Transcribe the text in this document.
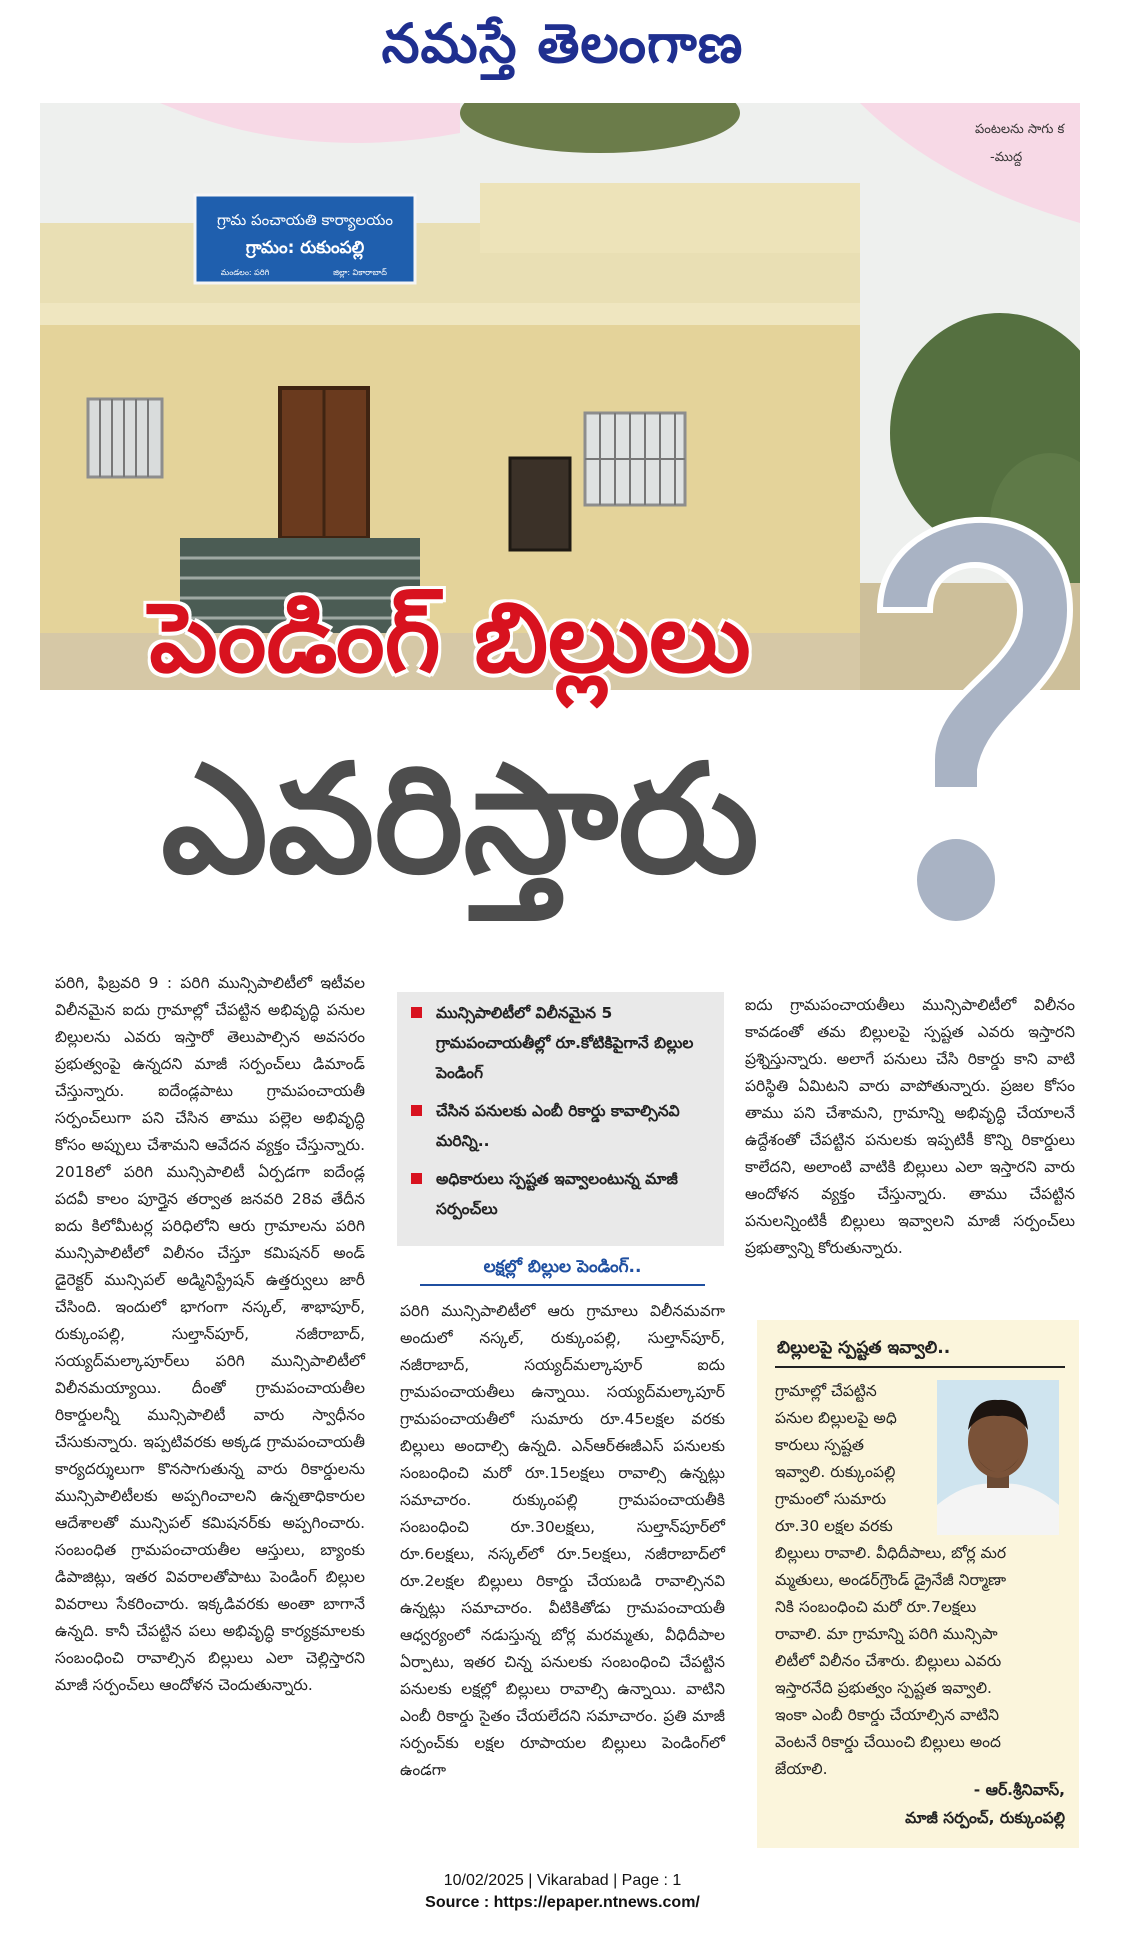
నమస్తే తెలంగాణ
గ్రామ పంచాయతి కార్యాలయం
గ్రామం: రుకుంపల్లి
మండలం: పరిగి	జిల్లా: వికారాబాద్
పంటలను సాగు క
-ముద్ద
పెండింగ్ బిల్లులు
ఎవరిస్తారు
పరిగి, ఫిబ్రవరి 9 : పరిగి మున్సిపాలిటీలో ఇటీవల విలీనమైన ఐదు గ్రామాల్లో చేపట్టిన అభివృద్ధి పనుల బిల్లులను ఎవరు ఇస్తారో తెలుపాల్సిన అవసరం ప్రభుత్వంపై ఉన్నదని మాజీ సర్పంచ్‌లు డిమాండ్ చేస్తున్నారు. ఐదేండ్లపాటు గ్రామపంచాయతీ సర్పంచ్‌లుగా పని చేసిన తాము పల్లెల అభివృద్ధి కోసం అప్పులు చేశామని ఆవేదన వ్యక్తం చేస్తున్నారు. 2018లో పరిగి మున్సిపాలిటీ ఏర్పడగా ఐదేండ్ల పదవీ కాలం పూర్తైన తర్వాత జనవరి 28వ తేదీన ఐదు కిలోమీటర్ల పరిధిలోని ఆరు గ్రామాలను పరిగి మున్సిపాలిటీలో విలీనం చేస్తూ కమిషనర్ అండ్ డైరెక్టర్ మున్సిపల్ అడ్మినిస్ట్రేషన్ ఉత్తర్వులు జారీ చేసింది. ఇందులో భాగంగా నస్కల్, శాభాపూర్, రుక్కుంపల్లి, సుల్తాన్‌పూర్, నజీరాబాద్, సయ్యద్‌మల్కాపూర్‌లు పరిగి మున్సిపాలిటీలో విలీనమయ్యాయి. దీంతో గ్రామపంచాయతీల రికార్డులన్నీ మున్సిపాలిటీ వారు స్వాధీనం చేసుకున్నారు. ఇప్పటివరకు అక్కడ గ్రామపంచాయతీ కార్యదర్శులుగా కొనసాగుతున్న వారు రికార్డులను మున్సిపాలిటీలకు అప్పగించాలని ఉన్నతాధికారుల ఆదేశాలతో మున్సిపల్ కమిషనర్‌కు అప్పగించారు. సంబంధిత గ్రామపంచాయతీల ఆస్తులు, బ్యాంకు డిపాజిట్లు, ఇతర వివరాలతోపాటు పెండింగ్ బిల్లుల వివరాలు సేకరించారు. ఇక్కడివరకు అంతా బాగానే ఉన్నది. కానీ చేపట్టిన పలు అభివృద్ధి కార్యక్రమాలకు సంబంధించి రావాల్సిన బిల్లులు ఎలా చెల్లిస్తారని మాజీ సర్పంచ్‌లు ఆందోళన చెందుతున్నారు.
మున్సిపాలిటీలో విలీనమైన 5 గ్రామపంచాయతీల్లో రూ.కోటికిపైగానే బిల్లుల పెండింగ్
చేసిన పనులకు ఎంబీ రికార్డు కావాల్సినవి మరిన్ని..
అధికారులు స్పష్టత ఇవ్వాలంటున్న మాజీ సర్పంచ్‌లు
లక్షల్లో బిల్లుల పెండింగ్..
పరిగి మున్సిపాలిటీలో ఆరు గ్రామాలు విలీనమవగా అందులో నస్కల్, రుక్కుంపల్లి, సుల్తాన్‌పూర్, నజీరాబాద్, సయ్యద్‌మల్కాపూర్ ఐదు గ్రామపంచాయతీలు ఉన్నాయి. సయ్యద్‌మల్కాపూర్ గ్రామపంచాయతీలో సుమారు రూ.45లక్షల వరకు బిల్లులు అందాల్సి ఉన్నది. ఎన్‌ఆర్‌ఈజీఎస్ పనులకు సంబంధించి మరో రూ.15లక్షలు రావాల్సి ఉన్నట్లు సమాచారం. రుక్కుంపల్లి గ్రామపంచాయతీకి సంబంధించి రూ.30లక్షలు, సుల్తాన్‌పూర్‌లో రూ.6లక్షలు, నస్కల్‌లో రూ.5లక్షలు, నజీరాబాద్‌లో రూ.2లక్షల బిల్లులు రికార్డు చేయబడి రావాల్సినవి ఉన్నట్లు సమాచారం. వీటికితోడు గ్రామపంచాయతీ ఆధ్వర్యంలో నడుస్తున్న బోర్ల మరమ్మతు, వీధిదీపాల ఏర్పాటు, ఇతర చిన్న పనులకు సంబంధించి చేపట్టిన పనులకు లక్షల్లో బిల్లులు రావాల్సి ఉన్నాయి. వాటిని ఎంబీ రికార్డు సైతం చేయలేదని సమాచారం. ప్రతి మాజీ సర్పంచ్‌కు లక్షల రూపాయల బిల్లులు పెండింగ్‌లో ఉండగా
ఐదు గ్రామపంచాయతీలు మున్సిపాలిటీలో విలీనం కావడంతో తమ బిల్లులపై స్పష్టత ఎవరు ఇస్తారని ప్రశ్నిస్తున్నారు. అలాగే పనులు చేసి రికార్డు కాని వాటి పరిస్థితి ఏమిటని వారు వాపోతున్నారు. ప్రజల కోసం తాము పని చేశామని, గ్రామాన్ని అభివృద్ధి చేయాలనే ఉద్దేశంతో చేపట్టిన పనులకు ఇప్పటికీ కొన్ని రికార్డులు కాలేదని, అలాంటి వాటికి బిల్లులు ఎలా ఇస్తారని వారు ఆందోళన వ్యక్తం చేస్తున్నారు. తాము చేపట్టిన పనులన్నింటికీ బిల్లులు ఇవ్వాలని మాజీ సర్పంచ్‌లు ప్రభుత్వాన్ని కోరుతున్నారు.
బిల్లులపై స్పష్టత ఇవ్వాలి..
గ్రామాల్లో చేపట్టిన
పనుల బిల్లులపై అధి
కారులు స్పష్టత
ఇవ్వాలి. రుక్కుంపల్లి
గ్రామంలో సుమారు
రూ.30 లక్షల వరకు
బిల్లులు రావాలి. వీధిదీపాలు, బోర్ల మర
మ్మతులు, అండర్‌గ్రౌండ్ డ్రైనేజీ నిర్మాణా
నికి సంబంధించి మరో రూ.7లక్షలు
రావాలి. మా గ్రామాన్ని పరిగి మున్సిపా
లిటీలో విలీనం చేశారు. బిల్లులు ఎవరు
ఇస్తారనేది ప్రభుత్వం స్పష్టత ఇవ్వాలి.
ఇంకా ఎంబీ రికార్డు చేయాల్సిన వాటిని
వెంటనే రికార్డు చేయించి బిల్లులు అంద
జేయాలి.
- ఆర్.శ్రీనివాస్,
మాజీ సర్పంచ్, రుక్కుంపల్లి
10/02/2025 | Vikarabad | Page : 1
Source : https://epaper.ntnews.com/
